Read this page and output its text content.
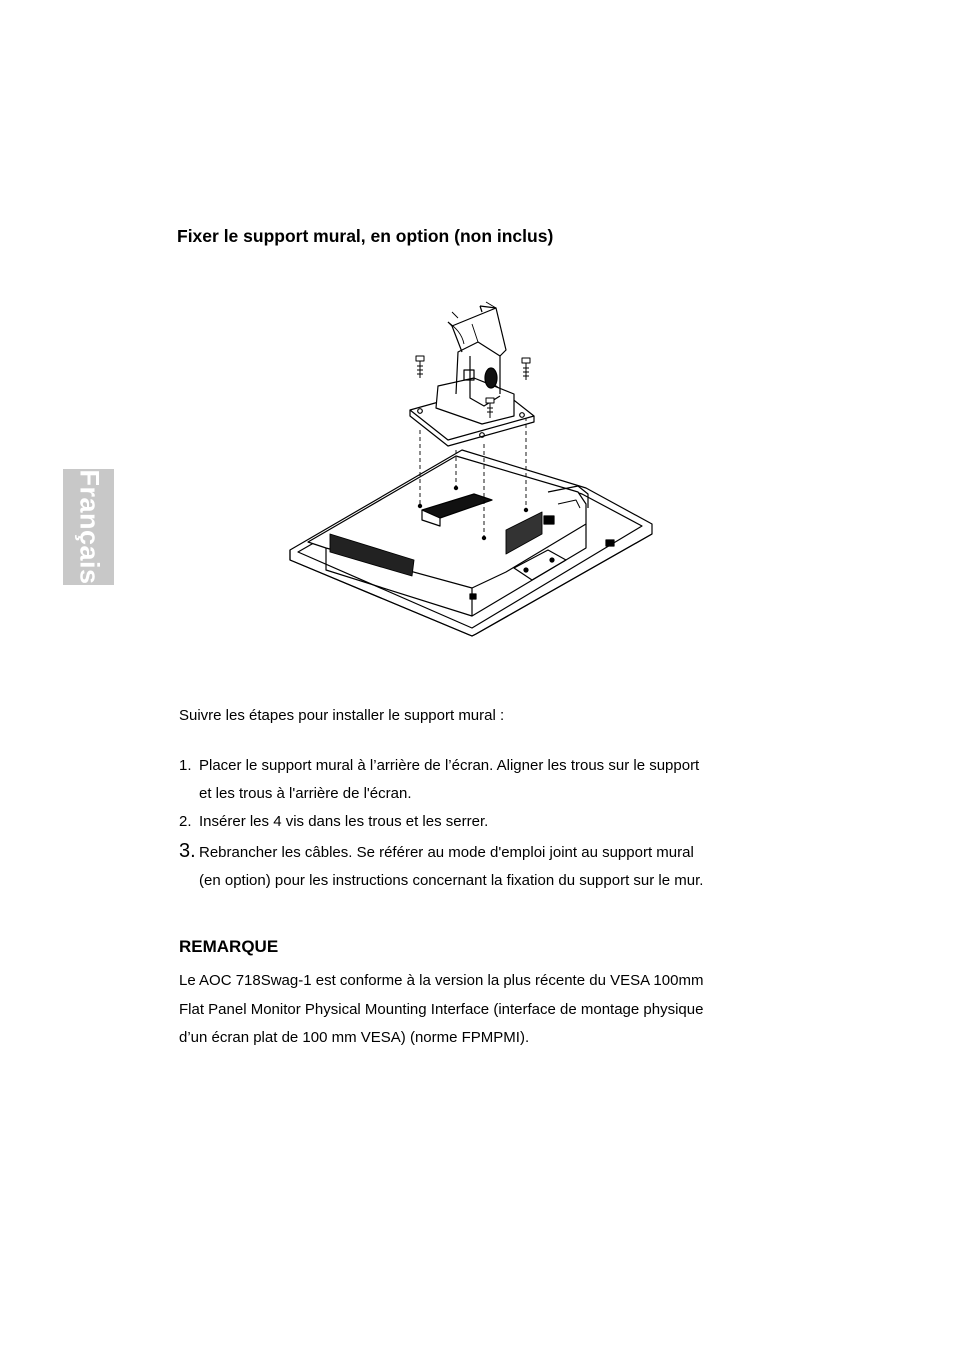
Français
Fixer le support mural, en option (non inclus)
Suivre les étapes pour installer le support mural :
1. Placer le support mural à l’arrière de l’écran. Aligner les trous sur le support
et les trous à l'arrière de l'écran.
2. Insérer les 4 vis dans les trous et les serrer.
3. Rebrancher les câbles. Se référer au mode d'emploi joint au support mural
(en option) pour les instructions concernant la fixation du support sur le mur.
REMARQUE
Le AOC 718Swag-1 est conforme à la version la plus récente du VESA 100mm
Flat Panel Monitor Physical Mounting Interface (interface de montage physique
d’un écran plat de 100 mm VESA) (norme FPMPMI).
